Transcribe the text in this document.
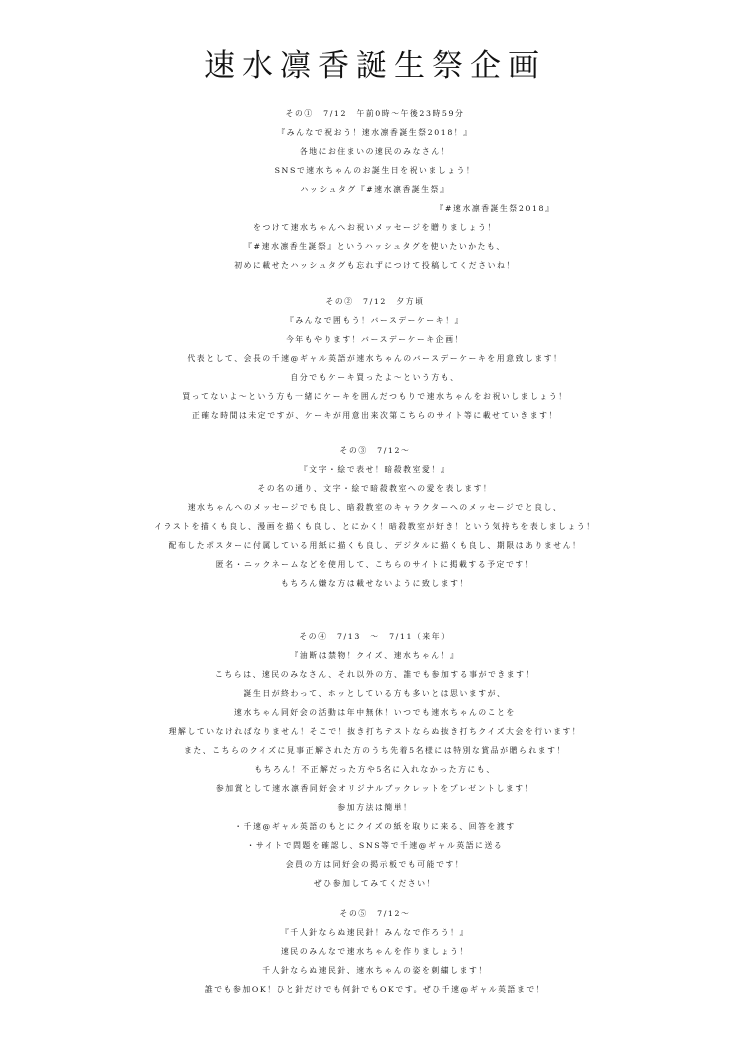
速水凛香誕生祭企画
その①　7/12　午前0時～午後23時59分
『みんなで祝おう！速水凛香誕生祭2018！』
各地にお住まいの速民のみなさん！
SNSで速水ちゃんのお誕生日を祝いましょう！
ハッシュタグ『#速水凛香誕生祭』
『#速水凛香誕生祭2018』
をつけて速水ちゃんへお祝いメッセージを贈りましょう！
『#速水凛香生誕祭』というハッシュタグを使いたいかたも、
初めに載せたハッシュタグも忘れずにつけて投稿してくださいね！
その②　7/12　夕方頃
『みんなで囲もう！バースデーケーキ！』
今年もやります！バースデーケーキ企画！
代表として、会長の千速@ギャル英語が速水ちゃんのバースデーケーキを用意致します！
自分でもケーキ買ったよ～という方も、
買ってないよ～という方も一緒にケーキを囲んだつもりで速水ちゃんをお祝いしましょう！
正確な時間は未定ですが、ケーキが用意出来次第こちらのサイト等に載せていきます！
その③　7/12～
『文字・絵で表せ！暗殺教室愛！』
その名の通り、文字・絵で暗殺教室への愛を表します！
速水ちゃんへのメッセージでも良し、暗殺教室のキャラクターへのメッセージでと良し、
イラストを描くも良し、漫画を描くも良し、とにかく！暗殺教室が好き！という気持ちを表しましょう！
配布したポスターに付属している用紙に描くも良し、デジタルに描くも良し、期限はありません！
匿名・ニックネームなどを使用して、こちらのサイトに掲載する予定です！
もちろん嫌な方は載せないように致します！
その④　7/13　～　7/11（来年）
『油断は禁物！クイズ、速水ちゃん！』
こちらは、速民のみなさん、それ以外の方、誰でも参加する事ができます！
誕生日が終わって、ホッとしている方も多いとは思いますが、
速水ちゃん同好会の活動は年中無休！いつでも速水ちゃんのことを
理解していなければなりません！そこで！抜き打ちテストならぬ抜き打ちクイズ大会を行います！
また、こちらのクイズに見事正解された方のうち先着5名様には特別な賞品が贈られます！
もちろん！不正解だった方や5名に入れなかった方にも、
参加賞として速水凛香同好会オリジナルブックレットをプレゼントします！
参加方法は簡単！
・千速@ギャル英語のもとにクイズの紙を取りに来る、回答を渡す
・サイトで問題を確認し、SNS等で千速@ギャル英語に送る
会員の方は同好会の掲示板でも可能です！
ぜひ参加してみてください！
その⑤　7/12～
『千人針ならぬ速民針！みんなで作ろう！』
速民のみんなで速水ちゃんを作りましょう！
千人針ならぬ速民針、速水ちゃんの姿を刺繍します！
誰でも参加OK！ひと針だけでも何針でもOKです。ぜひ千速@ギャル英語まで！
